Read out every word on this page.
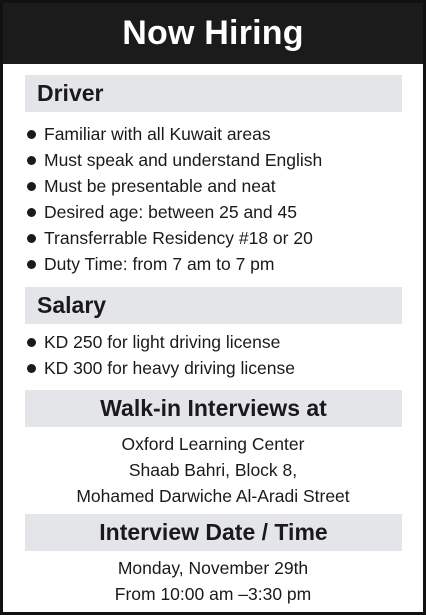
Now Hiring
Driver
Familiar with all Kuwait areas
Must speak and understand English
Must be presentable and neat
Desired age: between 25 and 45
Transferrable Residency #18 or 20
Duty Time: from 7 am to 7 pm
Salary
KD 250 for light driving license
KD 300 for heavy driving license
Walk-in Interviews at
Oxford Learning Center
Shaab Bahri, Block 8,
Mohamed Darwiche Al-Aradi Street
Interview Date / Time
Monday, November 29th
From 10:00 am –3:30 pm
